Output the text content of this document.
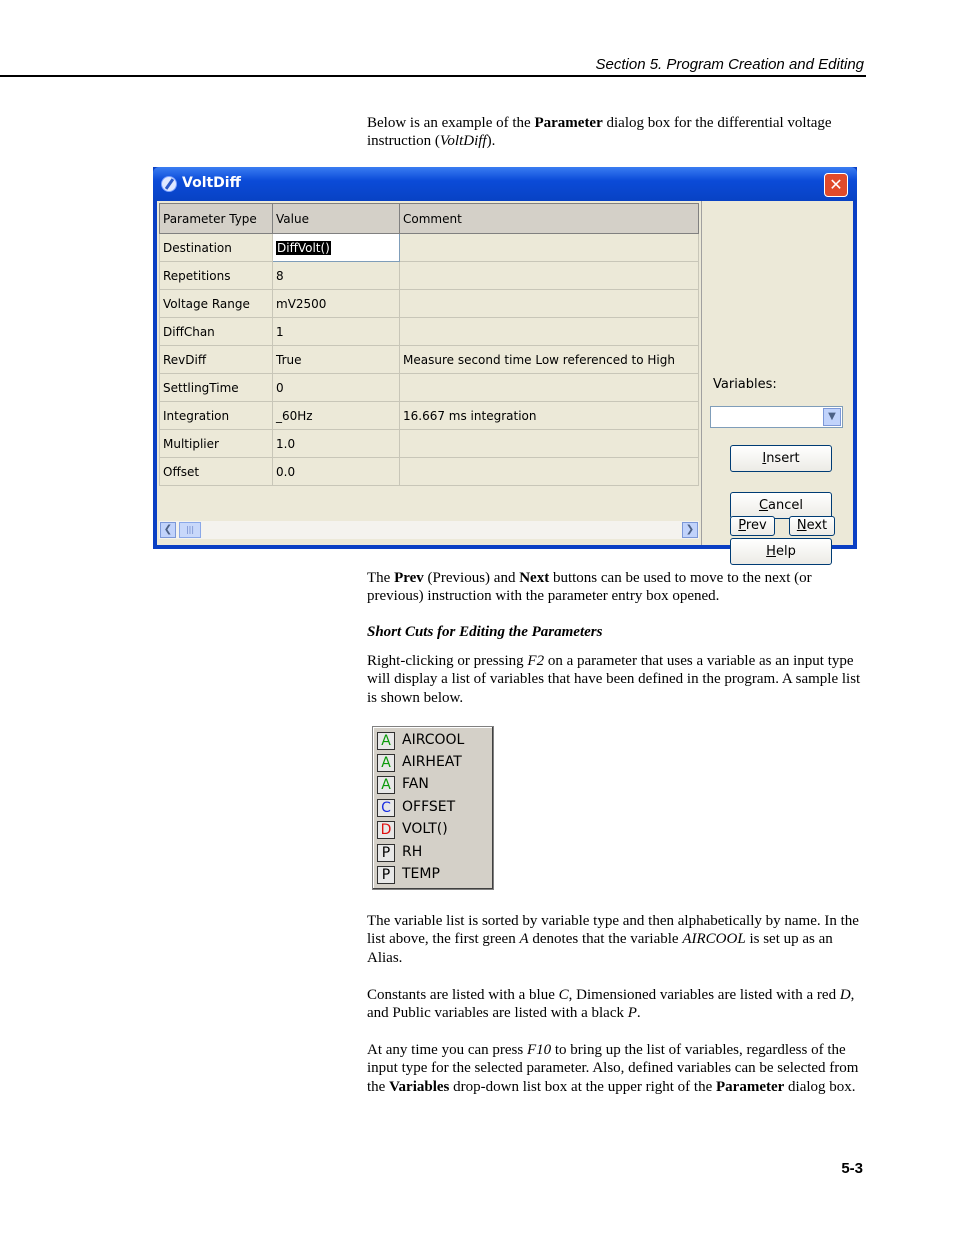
Section 5. Program Creation and Editing

Below is an example of the Parameter dialog box for the differential voltage instruction (VoltDiff).

VoltDiff	✕
Parameter Type	Value	Comment
Destination	DiffVolt()	
Repetitions	8	
Voltage Range	mV2500	
DiffChan	1	
RevDiff	True	Measure second time Low referenced to High
SettlingTime	0	
Integration	_60Hz	16.667 ms integration
Multiplier	1.0	
Offset	0.0	
❮	|||	❯
Variables:
▼
Insert
Cancel
Help
Prev	Next

The Prev (Previous) and Next buttons can be used to move to the next (or previous) instruction with the parameter entry box opened.

Short Cuts for Editing the Parameters

Right-clicking or pressing F2 on a parameter that uses a variable as an input type will display a list of variables that have been defined in the program. A sample list is shown below.

A AIRCOOL
A AIRHEAT
A FAN
C OFFSET
D VOLT()
P RH
P TEMP

The variable list is sorted by variable type and then alphabetically by name. In the list above, the first green A denotes that the variable AIRCOOL is set up as an Alias.

Constants are listed with a blue C, Dimensioned variables are listed with a red D, and Public variables are listed with a black P.

At any time you can press F10 to bring up the list of variables, regardless of the input type for the selected parameter. Also, defined variables can be selected from the Variables drop-down list box at the upper right of the Parameter dialog box.

5-3
